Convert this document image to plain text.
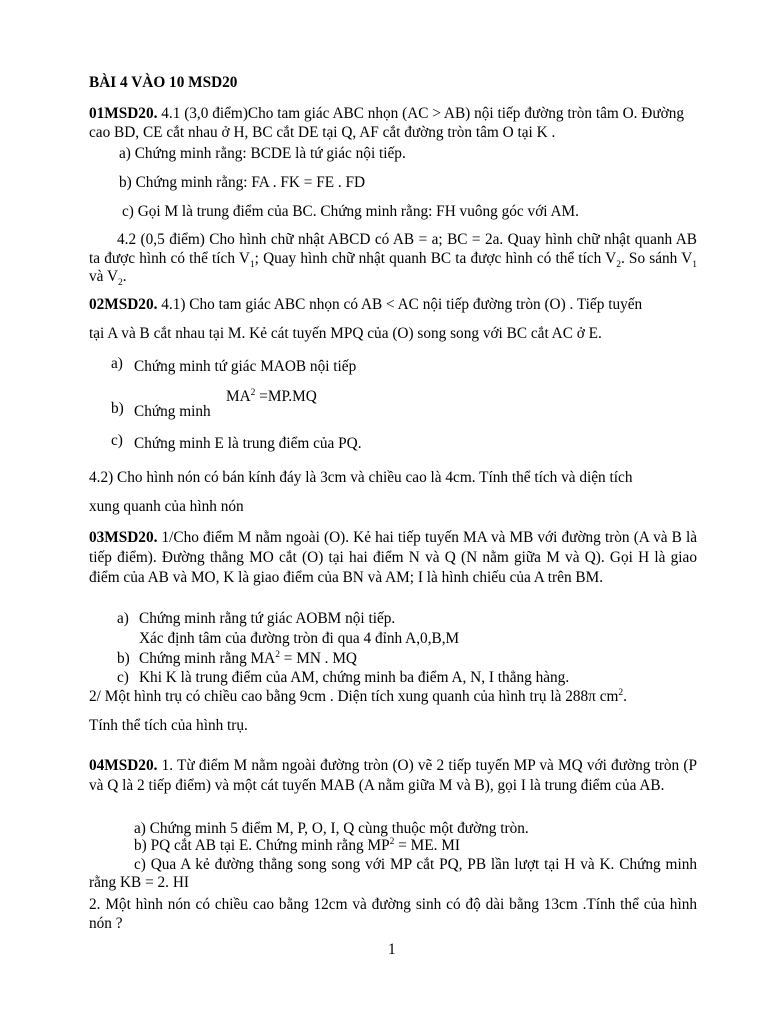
BÀI 4 VÀO 10 MSD20

01MSD20. 4.1 (3,0 điểm)Cho tam giác ABC nhọn (AC > AB) nội tiếp đường tròn tâm O. Đường cao BD, CE cắt nhau ở H, BC cắt DE tại Q, AF cắt đường tròn tâm O tại K .

a) Chứng minh rằng: BCDE là tứ giác nội tiếp.

b) Chứng minh rằng: FA . FK = FE . FD

c) Gọi M là trung điểm của BC. Chứng minh rằng: FH vuông góc với AM.

4.2 (0,5 điểm) Cho hình chữ nhật ABCD có AB = a; BC = 2a. Quay hình chữ nhật quanh AB ta được hình có thể tích $V_1$; Quay hình chữ nhật quanh BC ta được hình có thể tích $V_2$. So sánh $V_1$ và $V_2$.

02MSD20. 4.1) Cho tam giác ABC nhọn có AB < AC nội tiếp đường tròn (O) . Tiếp tuyến

tại A và B cắt nhau tại M. Kẻ cát tuyến MPQ của (O) song song với BC cắt AC ở E.

a) Chứng minh tứ giác MAOB nội tiếp

$MA^2 =MP.MQ$

b) Chứng minh

c) Chứng minh E là trung điểm của PQ.

4.2) Cho hình nón có bán kính đáy là 3cm và chiều cao là 4cm. Tính thể tích và diện tích

xung quanh của hình nón

03MSD20. 1/Cho điểm M nằm ngoài (O). Kẻ hai tiếp tuyến MA và MB với đường tròn (A và B là tiếp điểm). Đường thẳng MO cắt (O) tại hai điểm N và Q (N nằm giữa M và Q). Gọi H là giao điểm của AB và MO, K là giao điểm của BN và AM; I là hình chiếu của A trên BM.

a) Chứng minh rằng tứ giác AOBM nội tiếp.

Xác định tâm của đường tròn đi qua 4 đỉnh A,0,B,M

b) Chứng minh rằng $MA^2$ = MN . MQ

c) Khi K là trung điểm của AM, chứng minh ba điểm A, N, I thẳng hàng.

2/ Một hình trụ có chiều cao bằng 9cm . Diện tích xung quanh của hình trụ là 288π $cm^2$.

Tính thể tích của hình trụ.

04MSD20. 1. Từ điểm M nằm ngoài đường tròn (O) vẽ 2 tiếp tuyến MP và MQ với đường tròn (P và Q là 2 tiếp điểm) và một cát tuyến MAB (A nằm giữa M và B), gọi I là trung điểm của AB.

a) Chứng minh 5 điểm M, P, O, I, Q cùng thuộc một đường tròn.

b) PQ cắt AB tại E. Chứng minh rằng $MP^2$ = ME. MI

c) Qua A kẻ đường thẳng song song với MP cắt PQ, PB lần lượt tại H và K. Chứng minh rằng KB = 2. HI

2. Một hình nón có chiều cao bằng 12cm và đường sinh có độ dài bằng 13cm .Tính thể của hình nón ?

1
